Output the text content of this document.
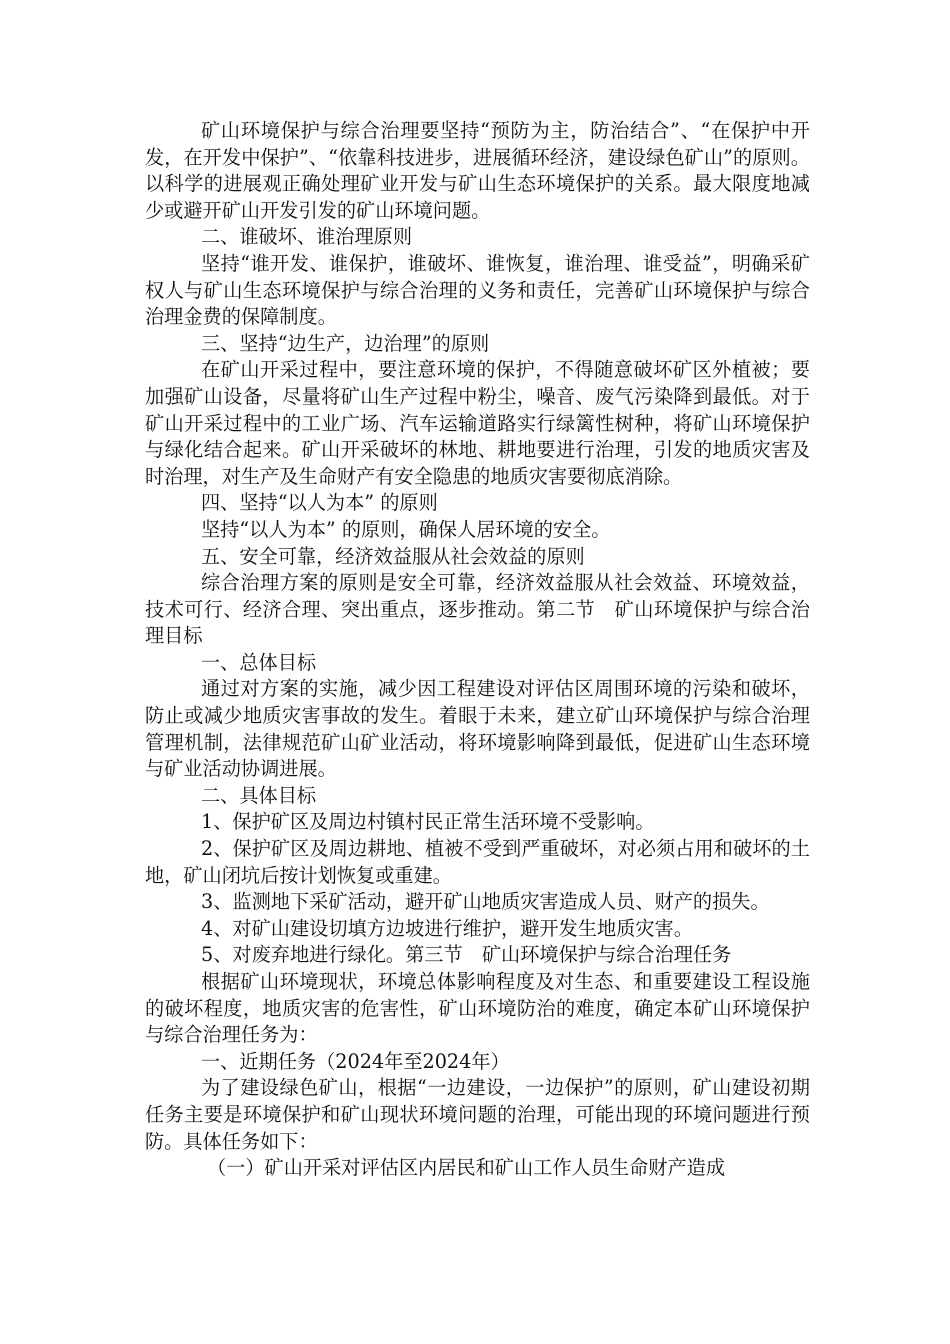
矿山环境保护与综合治理要坚持“预防为主，防治结合”、“在保护中开发，在开发中保护”、“依靠科技进步，进展循环经济，建设绿色矿山”的原则。以科学的进展观正确处理矿业开发与矿山生态环境保护的关系。最大限度地减少或避开矿山开发引发的矿山环境问题。

二、谁破坏、谁治理原则

坚持“谁开发、谁保护，谁破坏、谁恢复，谁治理、谁受益”，明确采矿权人与矿山生态环境保护与综合治理的义务和责任，完善矿山环境保护与综合治理金费的保障制度。

三、坚持“边生产，边治理”的原则

在矿山开采过程中，要注意环境的保护，不得随意破坏矿区外植被；要加强矿山设备，尽量将矿山生产过程中粉尘，噪音、废气污染降到最低。对于矿山开采过程中的工业广场、汽车运输道路实行绿篱性树种，将矿山环境保护与绿化结合起来。矿山开采破坏的林地、耕地要进行治理，引发的地质灾害及时治理，对生产及生命财产有安全隐患的地质灾害要彻底消除。

四、坚持“以人为本” 的原则

坚持“以人为本” 的原则，确保人居环境的安全。

五、安全可靠，经济效益服从社会效益的原则

综合治理方案的原则是安全可靠，经济效益服从社会效益、环境效益，技术可行、经济合理、突出重点，逐步推动。第二节　矿山环境保护与综合治理目标

一、总体目标

通过对方案的实施，减少因工程建设对评估区周围环境的污染和破坏，防止或减少地质灾害事故的发生。着眼于未来，建立矿山环境保护与综合治理管理机制，法律规范矿山矿业活动，将环境影响降到最低，促进矿山生态环境与矿业活动协调进展。

二、具体目标

1、保护矿区及周边村镇村民正常生活环境不受影响。

2、保护矿区及周边耕地、植被不受到严重破坏，对必须占用和破坏的土地，矿山闭坑后按计划恢复或重建。

3、监测地下采矿活动，避开矿山地质灾害造成人员、财产的损失。

4、对矿山建设切填方边坡进行维护，避开发生地质灾害。

5、对废弃地进行绿化。第三节　矿山环境保护与综合治理任务

根据矿山环境现状，环境总体影响程度及对生态、和重要建设工程设施的破坏程度，地质灾害的危害性，矿山环境防治的难度，确定本矿山环境保护与综合治理任务为：

一、近期任务（2024年至2024年）

为了建设绿色矿山，根据“一边建设，一边保护”的原则，矿山建设初期任务主要是环境保护和矿山现状环境问题的治理，可能出现的环境问题进行预防。具体任务如下：

（一）矿山开采对评估区内居民和矿山工作人员生命财产造成
